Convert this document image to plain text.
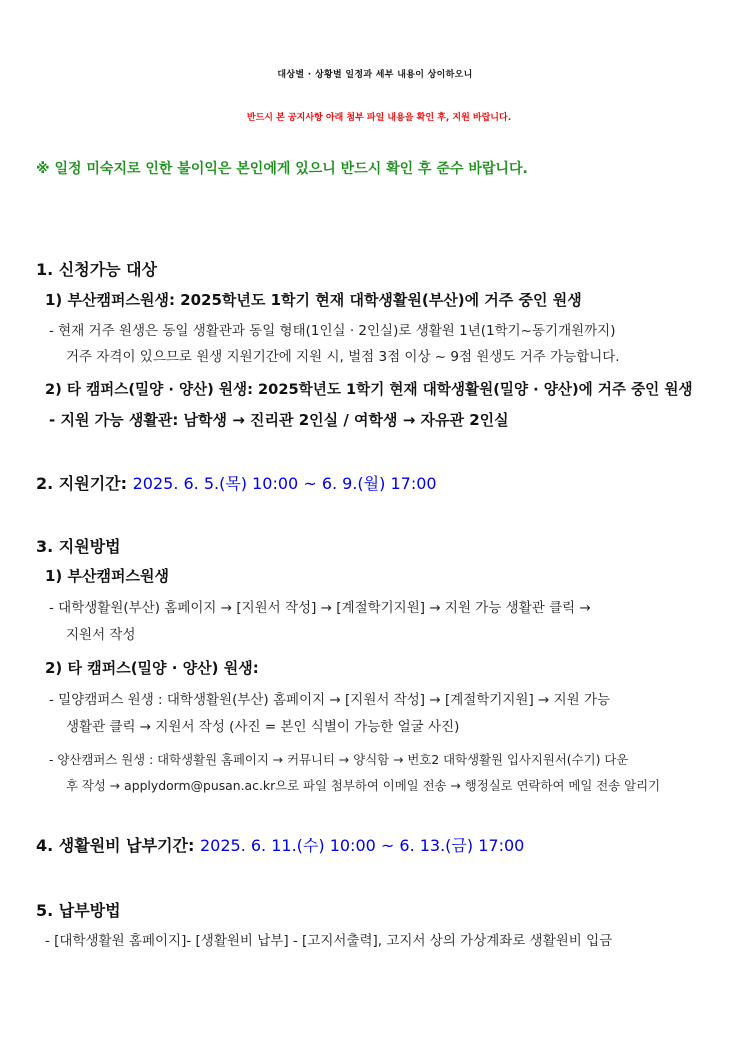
대상별 · 상황별 일정과 세부 내용이 상이하오니
반드시 본 공지사항 아래 첨부 파일 내용을 확인 후, 지원 바랍니다.
※ 일정 미숙지로 인한 불이익은 본인에게 있으니 반드시 확인 후 준수 바랍니다.
1. 신청가능 대상
1) 부산캠퍼스원생: 2025학년도 1학기 현재 대학생활원(부산)에 거주 중인 원생
- 현재 거주 원생은 동일 생활관과 동일 형태(1인실 · 2인실)로 생활원 1년(1학기~동기개원까지)
거주 자격이 있으므로 원생 지원기간에 지원 시, 벌점 3점 이상 ~ 9점 원생도 거주 가능합니다.
2) 타 캠퍼스(밀양 · 양산) 원생: 2025학년도 1학기 현재 대학생활원(밀양 · 양산)에 거주 중인 원생
- 지원 가능 생활관: 남학생 → 진리관 2인실 / 여학생 → 자유관 2인실
2. 지원기간: 2025. 6. 5.(목) 10:00 ~ 6. 9.(월) 17:00
3. 지원방법
1) 부산캠퍼스원생
- 대학생활원(부산) 홈페이지 → [지원서 작성] → [계절학기지원] → 지원 가능 생활관 클릭 →
지원서 작성
2) 타 캠퍼스(밀양 · 양산) 원생:
- 밀양캠퍼스 원생 : 대학생활원(부산) 홈페이지 → [지원서 작성] → [계절학기지원] → 지원 가능
생활관 클릭 → 지원서 작성 (사진 = 본인 식별이 가능한 얼굴 사진)
- 양산캠퍼스 원생 : 대학생활원 홈페이지 → 커뮤니티 → 양식함 → 번호2 대학생활원 입사지원서(수기) 다운
후 작성 → applydorm@pusan.ac.kr으로 파일 첨부하여 이메일 전송 → 행정실로 연락하여 메일 전송 알리기
4. 생활원비 납부기간: 2025. 6. 11.(수) 10:00 ~ 6. 13.(금) 17:00
5. 납부방법
- [대학생활원 홈페이지]- [생활원비 납부] - [고지서출력], 고지서 상의 가상계좌로 생활원비 입금
